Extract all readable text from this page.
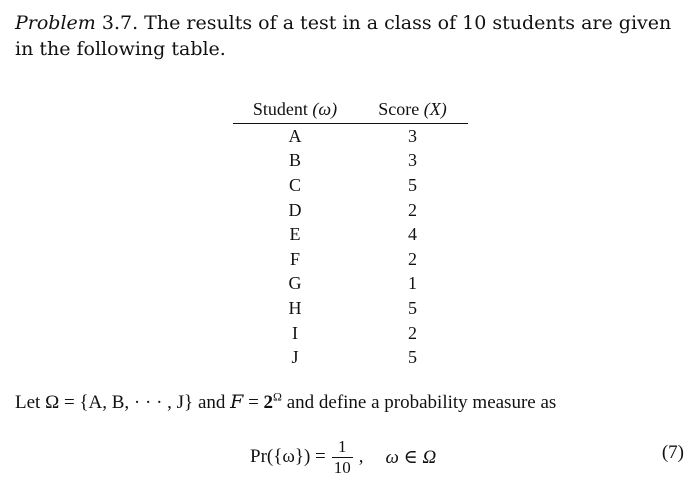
Problem 3.7. The results of a test in a class of 10 students are given in the following table.
Student (ω)	Score (X)
A	3
B	3
C	5
D	2
E	4
F	2
G	1
H	5
I	2
J	5
Let Ω = {A, B, · · · , J} and $F = 2^\Omega$ and define a probability measure as
$Pr(\{\omega\}) = \frac{1}{10}$ , ω ∈ Ω	(7)
